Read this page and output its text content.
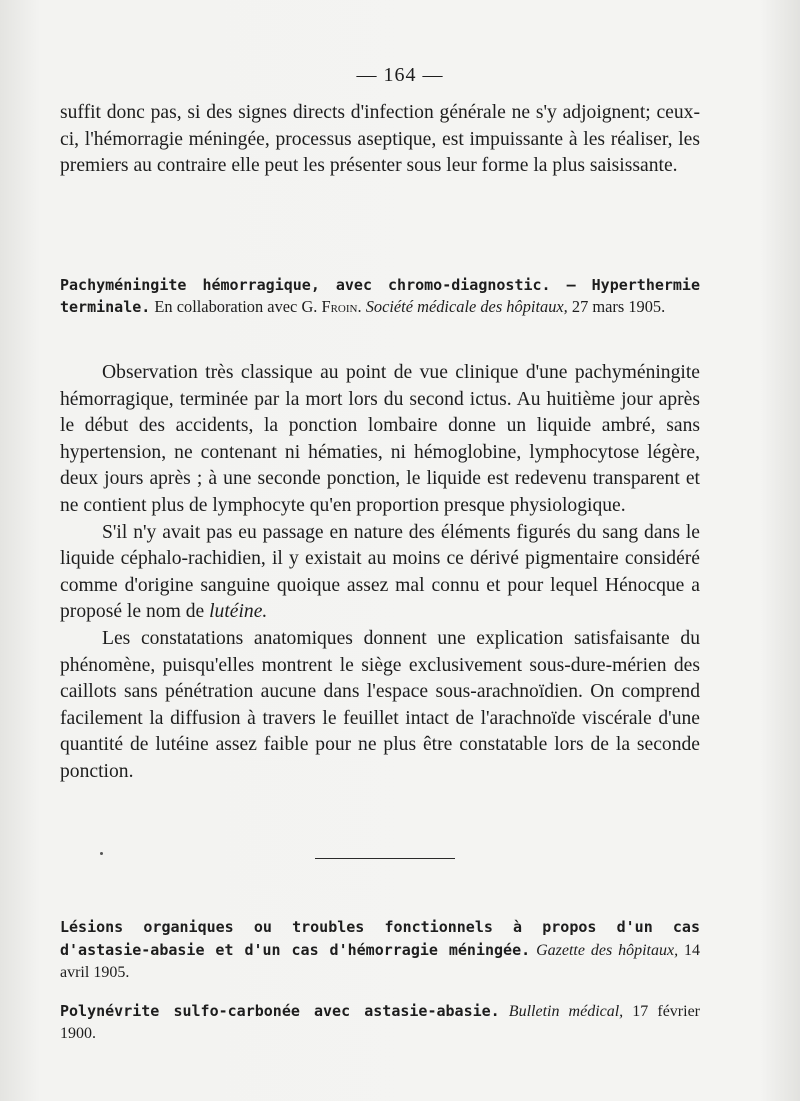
— 164 —

suffit donc pas, si des signes directs d'infection générale ne s'y adjoignent; ceux-ci, l'hémorragie méningée, processus aseptique, est impuissante à les réaliser, les premiers au contraire elle peut les présenter sous leur forme la plus saisissante.

Pachyméningite hémorragique, avec chromo-diagnostic. — Hyperthermie terminale. En collaboration avec G. Froin. Société médicale des hôpitaux, 27 mars 1905.

Observation très classique au point de vue clinique d'une pachyméningite hémorragique, terminée par la mort lors du second ictus. Au huitième jour après le début des accidents, la ponction lombaire donne un liquide ambré, sans hypertension, ne contenant ni hématies, ni hémoglobine, lymphocytose légère, deux jours après ; à une seconde ponction, le liquide est redevenu transparent et ne contient plus de lymphocyte qu'en proportion presque physiologique.

S'il n'y avait pas eu passage en nature des éléments figurés du sang dans le liquide céphalo-rachidien, il y existait au moins ce dérivé pigmentaire considéré comme d'origine sanguine quoique assez mal connu et pour lequel Hénocque a proposé le nom de lutéine.

Les constatations anatomiques donnent une explication satisfaisante du phénomène, puisqu'elles montrent le siège exclusivement sous-dure-mérien des caillots sans pénétration aucune dans l'espace sous-arachnoïdien. On comprend facilement la diffusion à travers le feuillet intact de l'arachnoïde viscérale d'une quantité de lutéine assez faible pour ne plus être constatable lors de la seconde ponction.

Lésions organiques ou troubles fonctionnels à propos d'un cas d'astasie-abasie et d'un cas d'hémorragie méningée. Gazette des hôpitaux, 14 avril 1905.
Polynévrite sulfo-carbonée avec astasie-abasie. Bulletin médical, 17 février 1900.
